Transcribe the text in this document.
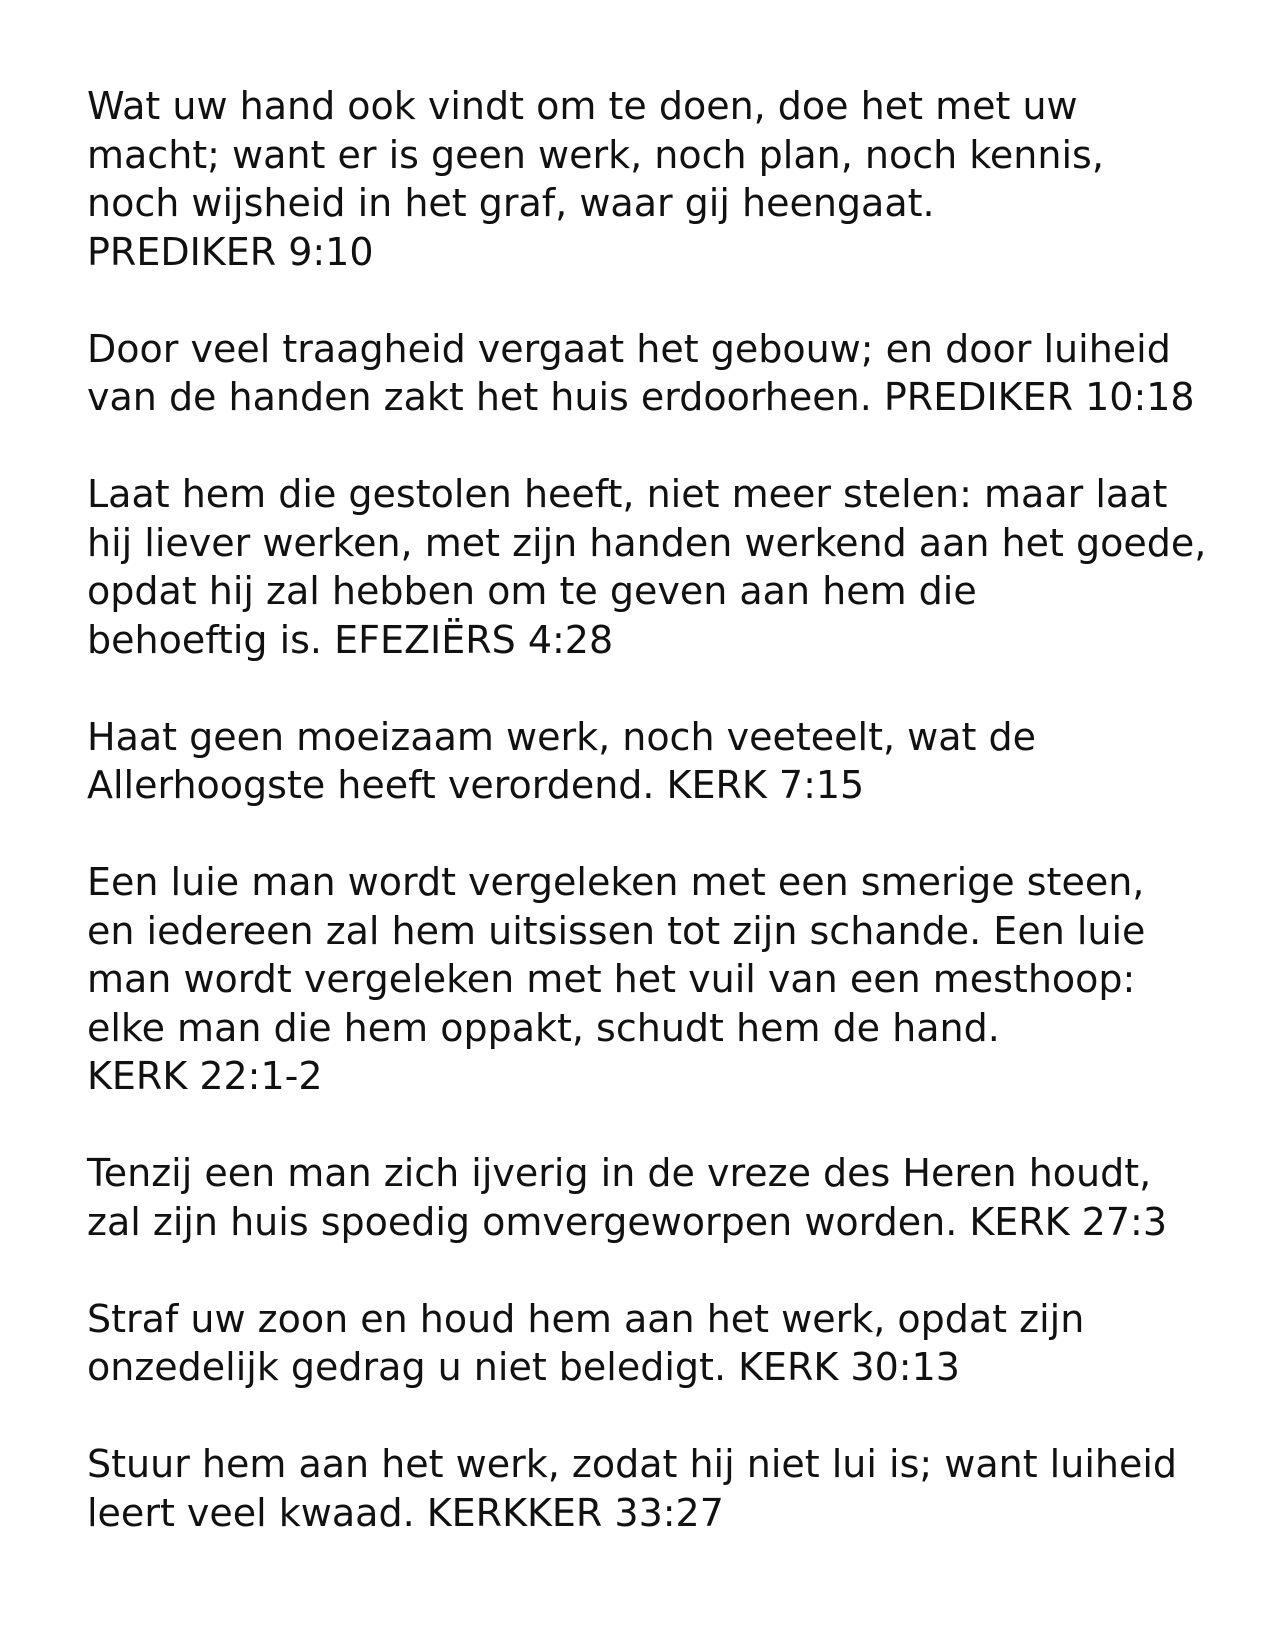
Wat uw hand ook vindt om te doen, doe het met uw
macht; want er is geen werk, noch plan, noch kennis,
noch wijsheid in het graf, waar gij heengaat.
PREDIKER 9:10

Door veel traagheid vergaat het gebouw; en door luiheid
van de handen zakt het huis erdoorheen. PREDIKER 10:18

Laat hem die gestolen heeft, niet meer stelen: maar laat
hij liever werken, met zijn handen werkend aan het goede,
opdat hij zal hebben om te geven aan hem die
behoeftig is. EFEZIËRS 4:28

Haat geen moeizaam werk, noch veeteelt, wat de
Allerhoogste heeft verordend. KERK 7:15

Een luie man wordt vergeleken met een smerige steen,
en iedereen zal hem uitsissen tot zijn schande. Een luie
man wordt vergeleken met het vuil van een mesthoop:
elke man die hem oppakt, schudt hem de hand.
KERK 22:1-2

Tenzij een man zich ijverig in de vreze des Heren houdt,
zal zijn huis spoedig omvergeworpen worden. KERK 27:3

Straf uw zoon en houd hem aan het werk, opdat zijn
onzedelijk gedrag u niet beledigt. KERK 30:13

Stuur hem aan het werk, zodat hij niet lui is; want luiheid
leert veel kwaad. KERKKER 33:27
